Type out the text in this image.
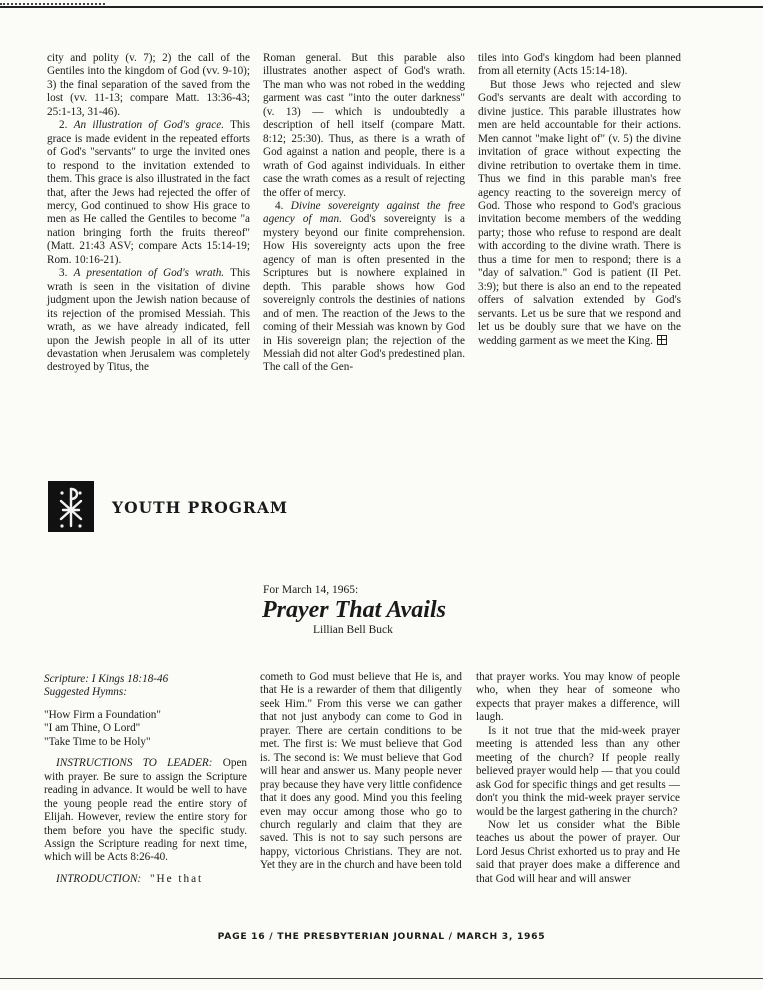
city and polity (v. 7); 2) the call of the Gentiles into the kingdom of God (vv. 9-10); 3) the final separation of the saved from the lost (vv. 11-13; compare Matt. 13:36-43; 25:1-13, 31-46).

2. An illustration of God's grace. This grace is made evident in the repeated efforts of God's "servants" to urge the invited ones to respond to the invitation extended to them. This grace is also illustrated in the fact that, after the Jews had rejected the offer of mercy, God continued to show His grace to men as He called the Gentiles to become "a nation bringing forth the fruits thereof" (Matt. 21:43 ASV; compare Acts 15:14-19; Rom. 10:16-21).

3. A presentation of God's wrath. This wrath is seen in the visitation of divine judgment upon the Jewish nation because of its rejection of the promised Messiah. This wrath, as we have already indicated, fell upon the Jewish people in all of its utter devastation when Jerusalem was completely destroyed by Titus, the

Roman general. But this parable also illustrates another aspect of God's wrath. The man who was not robed in the wedding garment was cast "into the outer darkness" (v. 13) — which is undoubtedly a description of hell itself (compare Matt. 8:12; 25:30). Thus, as there is a wrath of God against a nation and people, there is a wrath of God against individuals. In either case the wrath comes as a result of rejecting the offer of mercy.

4. Divine sovereignty against the free agency of man. God's sovereignty is a mystery beyond our finite comprehension. How His sovereignty acts upon the free agency of man is often presented in the Scriptures but is nowhere explained in depth. This parable shows how God sovereignly controls the destinies of nations and of men. The reaction of the Jews to the coming of their Messiah was known by God in His sovereign plan; the rejection of the Messiah did not alter God's predestined plan. The call of the Gen-

tiles into God's kingdom had been planned from all eternity (Acts 15:14-18).

But those Jews who rejected and slew God's servants are dealt with according to divine justice. This parable illustrates how men are held accountable for their actions. Men cannot "make light of" (v. 5) the divine invitation of grace without expecting the divine retribution to overtake them in time. Thus we find in this parable man's free agency reacting to the sovereign mercy of God. Those who respond to God's gracious invitation become members of the wedding party; those who refuse to respond are dealt with according to the divine wrath. There is thus a time for men to respond; there is a "day of salvation." God is patient (II Pet. 3:9); but there is also an end to the repeated offers of salvation extended by God's servants. Let us be sure that we respond and let us be doubly sure that we have on the wedding garment as we meet the King.

YOUTH PROGRAM
For March 14, 1965:
Prayer That Avails
Lillian Bell Buck

Scripture: I Kings 18:18-46

Suggested Hymns:

"How Firm a Foundation"
"I am Thine, O Lord"
"Take Time to be Holy"

INSTRUCTIONS TO LEADER: Open with prayer. Be sure to assign the Scripture reading in advance. It would be well to have the young people read the entire story of Elijah. However, review the entire story for them before you have the specific study. Assign the Scripture reading for next time, which will be Acts 8:26-40.

INTRODUCTION: "He that

cometh to God must believe that He is, and that He is a rewarder of them that diligently seek Him." From this verse we can gather that not just anybody can come to God in prayer. There are certain conditions to be met. The first is: We must believe that God is. The second is: We must believe that God will hear and answer us. Many people never pray because they have very little confidence that it does any good. Mind you this feeling even may occur among those who go to church regularly and claim that they are saved. This is not to say such persons are happy, victorious Christians. They are not. Yet they are in the church and have been told

that prayer works. You may know of people who, when they hear of someone who expects that prayer makes a difference, will laugh.

Is it not true that the mid-week prayer meeting is attended less than any other meeting of the church? If people really believed prayer would help — that you could ask God for specific things and get results — don't you think the mid-week prayer service would be the largest gathering in the church?

Now let us consider what the Bible teaches us about the power of prayer. Our Lord Jesus Christ exhorted us to pray and He said that prayer does make a difference and that God will hear and will answer

PAGE 16 / THE PRESBYTERIAN JOURNAL / MARCH 3, 1965
